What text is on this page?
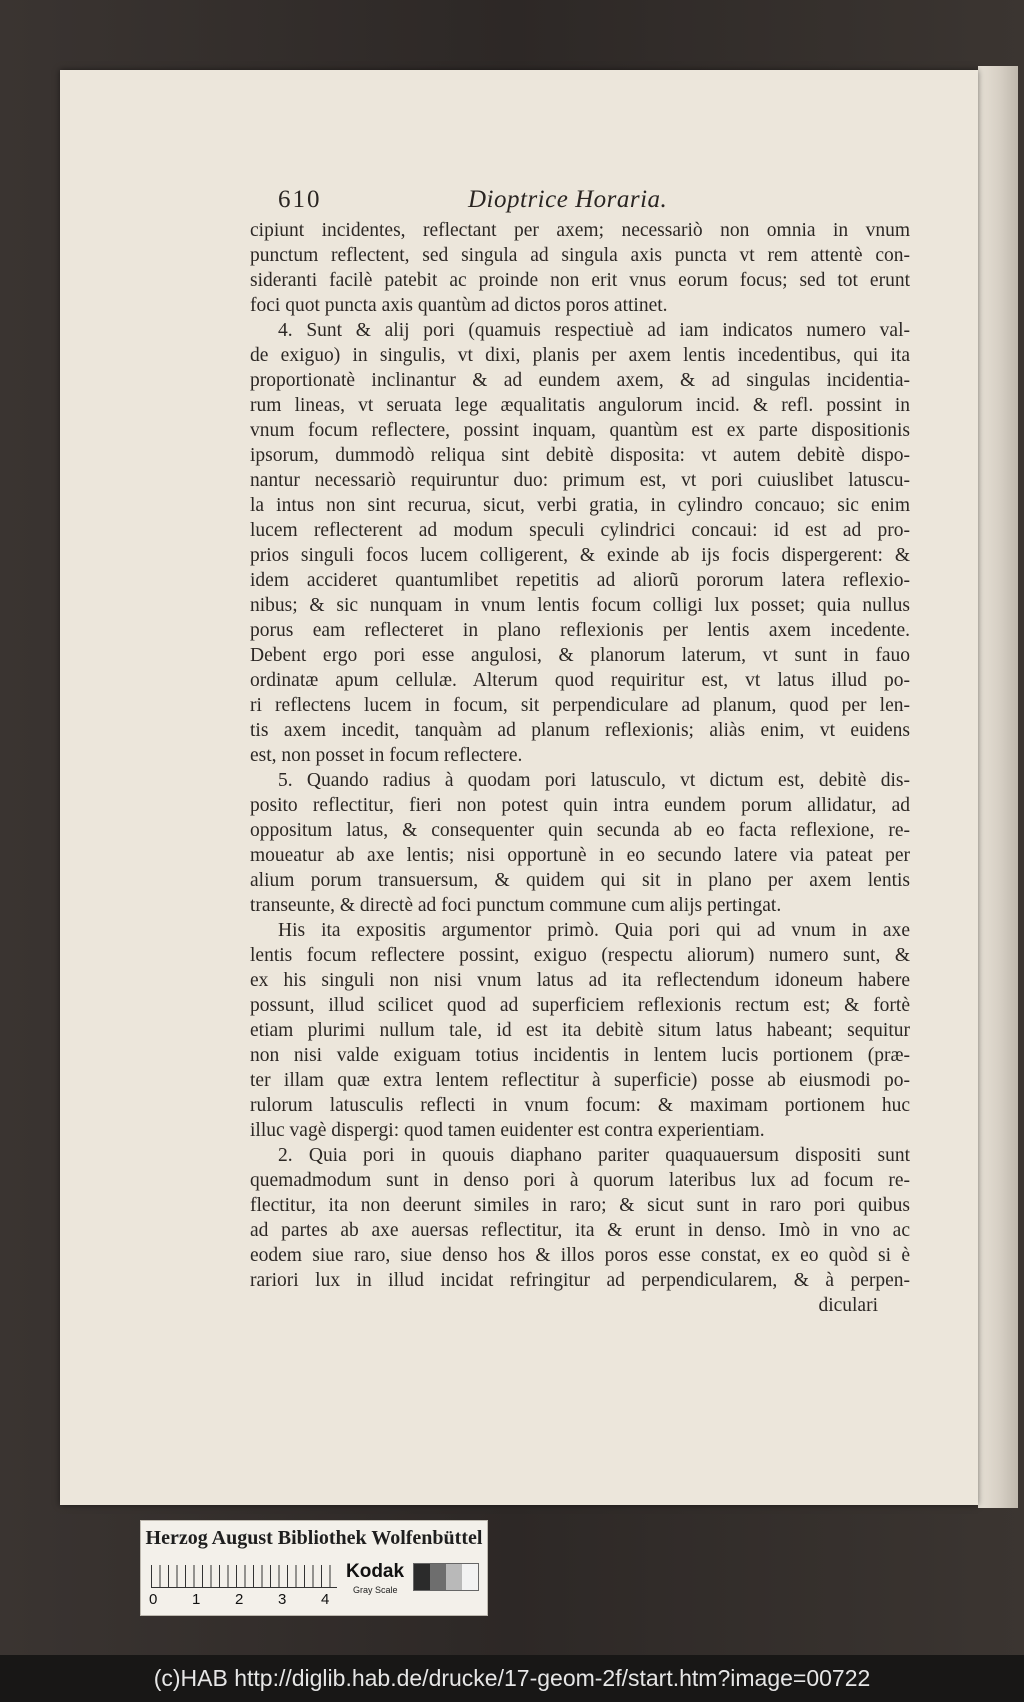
610	Dioptrice Horaria.
cipiunt incidentes, reflectant per axem; necessariò non omnia in vnum
punctum reflectent, sed singula ad singula axis puncta vt rem attentè con-
sideranti facilè patebit ac proinde non erit vnus eorum focus; sed tot erunt
foci quot puncta axis quantùm ad dictos poros attinet.
4. Sunt & alij pori (quamuis respectiuè ad iam indicatos numero val-
de exiguo) in singulis, vt dixi, planis per axem lentis incedentibus, qui ita
proportionatè inclinantur & ad eundem axem, & ad singulas incidentia-
rum lineas, vt seruata lege æqualitatis angulorum incid. & refl. possint in
vnum focum reflectere, possint inquam, quantùm est ex parte dispositionis
ipsorum, dummodò reliqua sint debitè disposita: vt autem debitè dispo-
nantur necessariò requiruntur duo: primum est, vt pori cuiuslibet latuscu-
la intus non sint recurua, sicut, verbi gratia, in cylindro concauo; sic enim
lucem reflecterent ad modum speculi cylindrici concaui: id est ad pro-
prios singuli focos lucem colligerent, & exinde ab ijs focis dispergerent: &
idem accideret quantumlibet repetitis ad aliorũ pororum latera reflexio-
nibus; & sic nunquam in vnum lentis focum colligi lux posset; quia nullus
porus eam reflecteret in plano reflexionis per lentis axem incedente.
Debent ergo pori esse angulosi, & planorum laterum, vt sunt in fauo
ordinatæ apum cellulæ. Alterum quod requiritur est, vt latus illud po-
ri reflectens lucem in focum, sit perpendiculare ad planum, quod per len-
tis axem incedit, tanquàm ad planum reflexionis; aliàs enim, vt euidens
est, non posset in focum reflectere.
5. Quando radius à quodam pori latusculo, vt dictum est, debitè dis-
posito reflectitur, fieri non potest quin intra eundem porum allidatur, ad
oppositum latus, & consequenter quin secunda ab eo facta reflexione, re-
moueatur ab axe lentis; nisi opportunè in eo secundo latere via pateat per
alium porum transuersum, & quidem qui sit in plano per axem lentis
transeunte, & directè ad foci punctum commune cum alijs pertingat.
His ita expositis argumentor primò. Quia pori qui ad vnum in axe
lentis focum reflectere possint, exiguo (respectu aliorum) numero sunt, &
ex his singuli non nisi vnum latus ad ita reflectendum idoneum habere
possunt, illud scilicet quod ad superficiem reflexionis rectum est; & fortè
etiam plurimi nullum tale, id est ita debitè situm latus habeant; sequitur
non nisi valde exiguam totius incidentis in lentem lucis portionem (præ-
ter illam quæ extra lentem reflectitur à superficie) posse ab eiusmodi po-
rulorum latusculis reflecti in vnum focum: & maximam portionem huc
illuc vagè dispergi: quod tamen euidenter est contra experientiam.
2. Quia pori in quouis diaphano pariter quaquauersum dispositi sunt
quemadmodum sunt in denso pori à quorum lateribus lux ad focum re-
flectitur, ita non deerunt similes in raro; & sicut sunt in raro pori quibus
ad partes ab axe auersas reflectitur, ita & erunt in denso. Imò in vno ac
eodem siue raro, siue denso hos & illos poros esse constat, ex eo quòd si è
rariori lux in illud incidat refringitur ad perpendicularem, & à perpen-
diculari
Herzog August Bibliothek Wolfenbüttel
0 1 2 3 4
Kodak
Gray Scale
(c)HAB http://diglib.hab.de/drucke/17-geom-2f/start.htm?image=00722
